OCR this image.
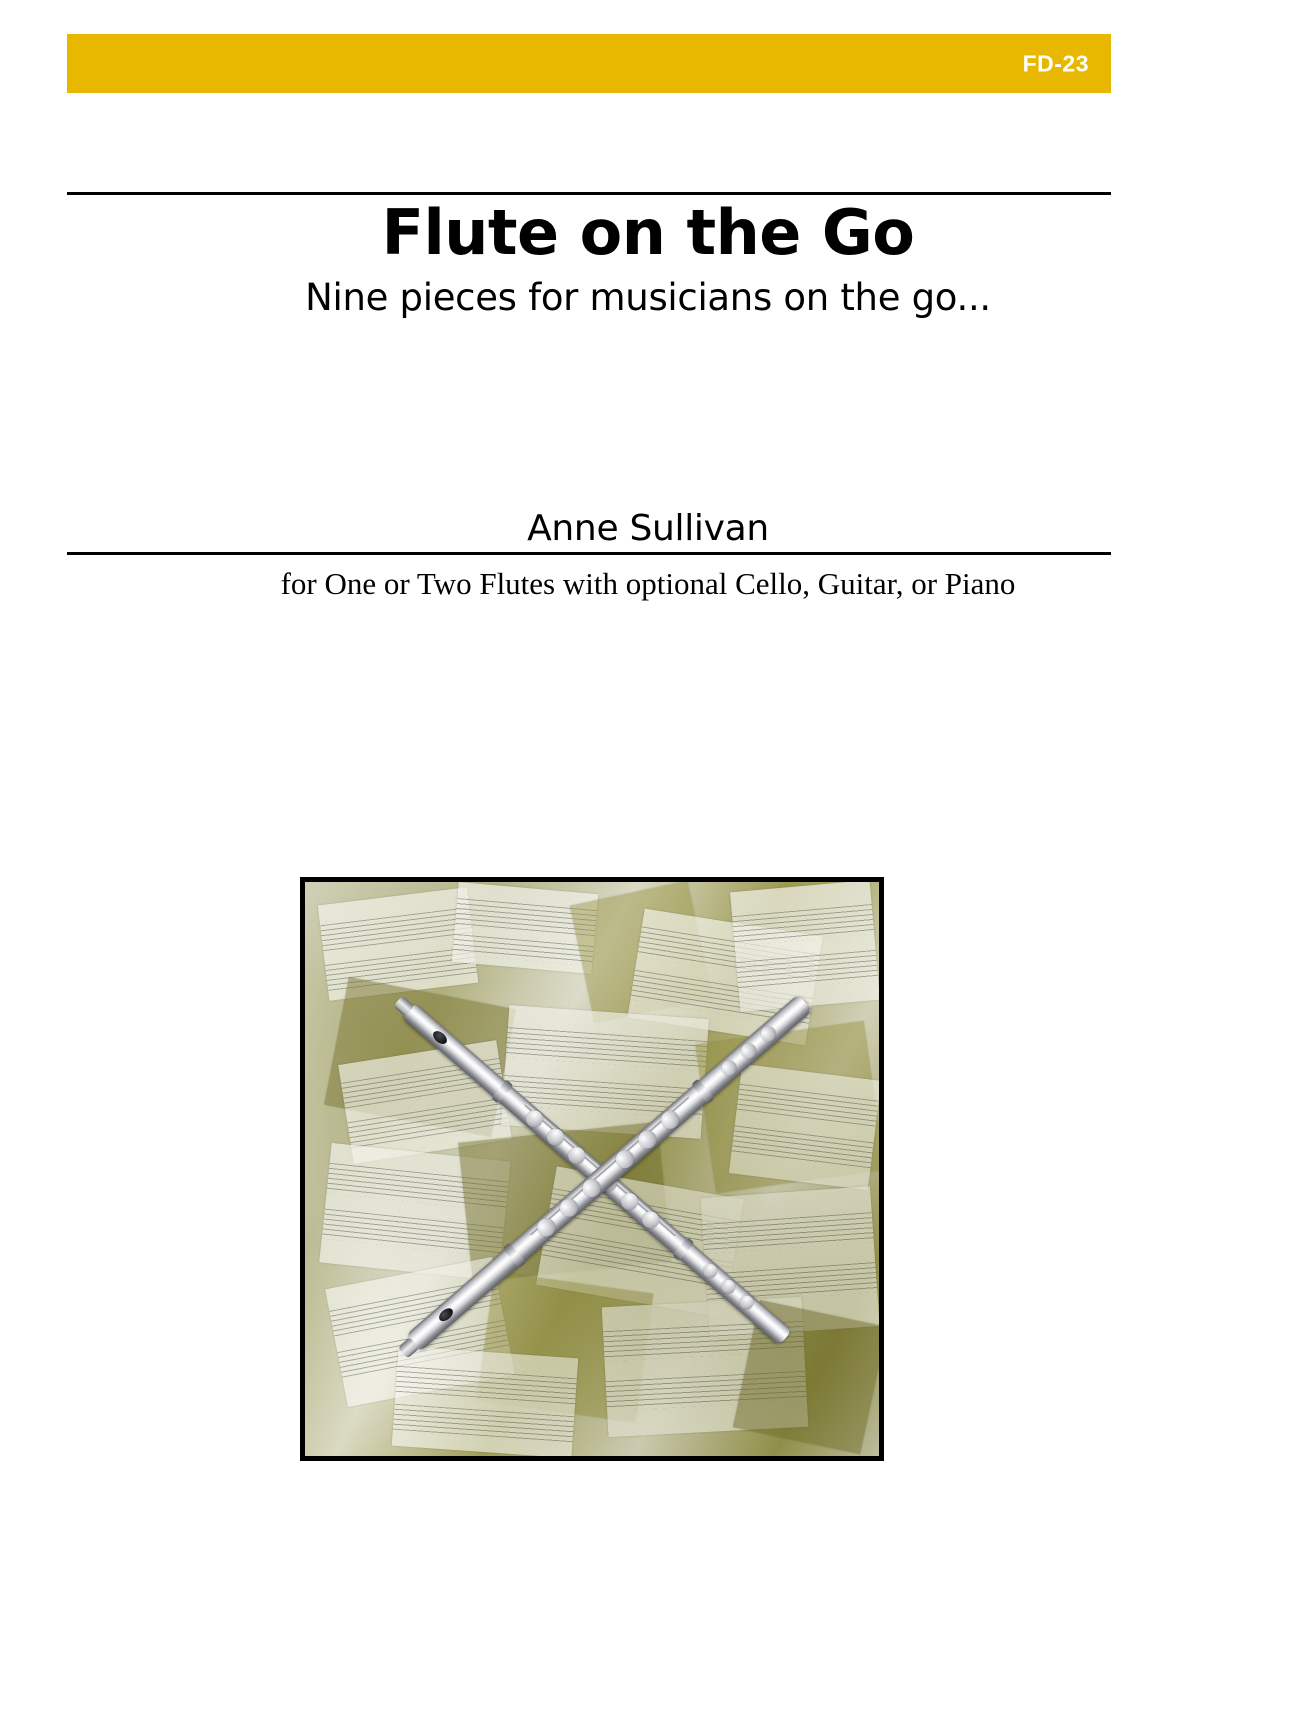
FD-23
Flute on the Go
Nine pieces for musicians on the go...
Anne Sullivan
for One or Two Flutes with optional Cello, Guitar, or Piano
